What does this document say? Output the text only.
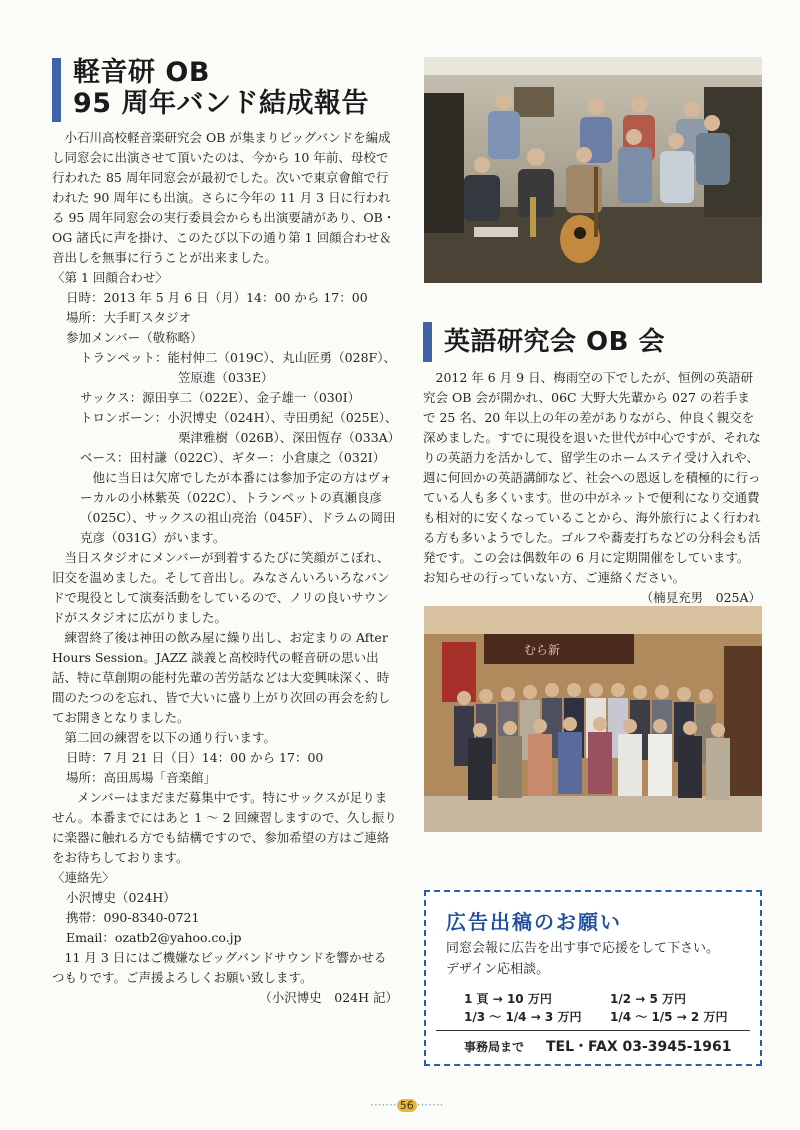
軽音研 OB
95 周年バンド結成報告

小石川高校軽音楽研究会 OB が集まりビッグバンドを編成し同窓会に出演させて頂いたのは、今から 10 年前、母校で行われた 85 周年同窓会が最初でした。次いで東京會館で行われた 90 周年にも出演。さらに今年の 11 月 3 日に行われる 95 周年同窓会の実行委員会からも出演要請があり、OB・OG 諸氏に声を掛け、このたび以下の通り第 1 回顔合わせ＆音出しを無事に行うことが出来ました。

〈第 1 回顔合わせ〉

日時：2013 年 5 月 6 日（月）14：00 から 17：00

場所：大手町スタジオ

参加メンバー（敬称略）

トランペット：能村伸二（019C）、丸山匠勇（028F）、

笠原進（033E）

サックス：源田享二（022E）、金子雄一（030I）

トロンボーン：小沢博史（024H）、寺田勇紀（025E）、

栗津雅樹（026B）、深田恆存（033A）

ベース：田村謙（022C）、ギター：小倉康之（032I）

他に当日は欠席でしたが本番には参加予定の方はヴォーカルの小林紫英（022C）、トランペットの真瀬良彦（025C）、サックスの祖山亮治（045F）、ドラムの岡田克彦（031G）がいます。

当日スタジオにメンバーが到着するたびに笑顔がこぼれ、旧交を温めました。そして音出し。みなさんいろいろなバンドで現役として演奏活動をしているので、ノリの良いサウンドがスタジオに広がりました。

練習終了後は神田の飲み屋に繰り出し、お定まりの After Hours Session。JAZZ 談義と高校時代の軽音研の思い出話、特に草創期の能村先輩の苦労話などは大変興味深く、時間のたつのを忘れ、皆で大いに盛り上がり次回の再会を約してお開きとなりました。

第二回の練習を以下の通り行います。

日時：7 月 21 日（日）14：00 から 17：00

場所：高田馬場「音楽館」

メンバーはまだまだ募集中です。特にサックスが足りません。本番までにはあと 1 ～ 2 回練習しますので、久し振りに楽器に触れる方でも結構ですので、参加希望の方はご連絡をお待ちしております。

〈連絡先〉

小沢博史（024H）

携帯：090-8340-0721

Email：ozatb2@yahoo.co.jp

11 月 3 日にはご機嫌なビッグバンドサウンドを響かせるつもりです。ご声援よろしくお願い致します。

（小沢博史　024H 記）

英語研究会 OB 会

2012 年 6 月 9 日、梅雨空の下でしたが、恒例の英語研究会 OB 会が開かれ、06C 大野大先輩から 027 の若手まで 25 名、20 年以上の年の差がありながら、仲良く親交を深めました。すでに現役を退いた世代が中心ですが、それなりの英語力を活かして、留学生のホームステイ受け入れや、週に何回かの英語講師など、社会への恩返しを積極的に行っている人も多くいます。世の中がネットで便利になり交通費も相対的に安くなっていることから、海外旅行によく行われる方も多いようでした。ゴルフや蕎麦打ちなどの分科会も活発です。この会は偶数年の 6 月に定期開催をしています。お知らせの行っていない方、ご連絡ください。

（楠見充男　025A）

むら新
広告出稿のお願い
同窓会報に広告を出す事で応援をして下さい。
デザイン応相談。
1 頁 → 10 万円	1/2 → 5 万円
1/3 ～ 1/4 → 3 万円 1/4 ～ 1/5 → 2 万円
事務局まで TEL・FAX 03-3945-1961
······· 56 ·······
